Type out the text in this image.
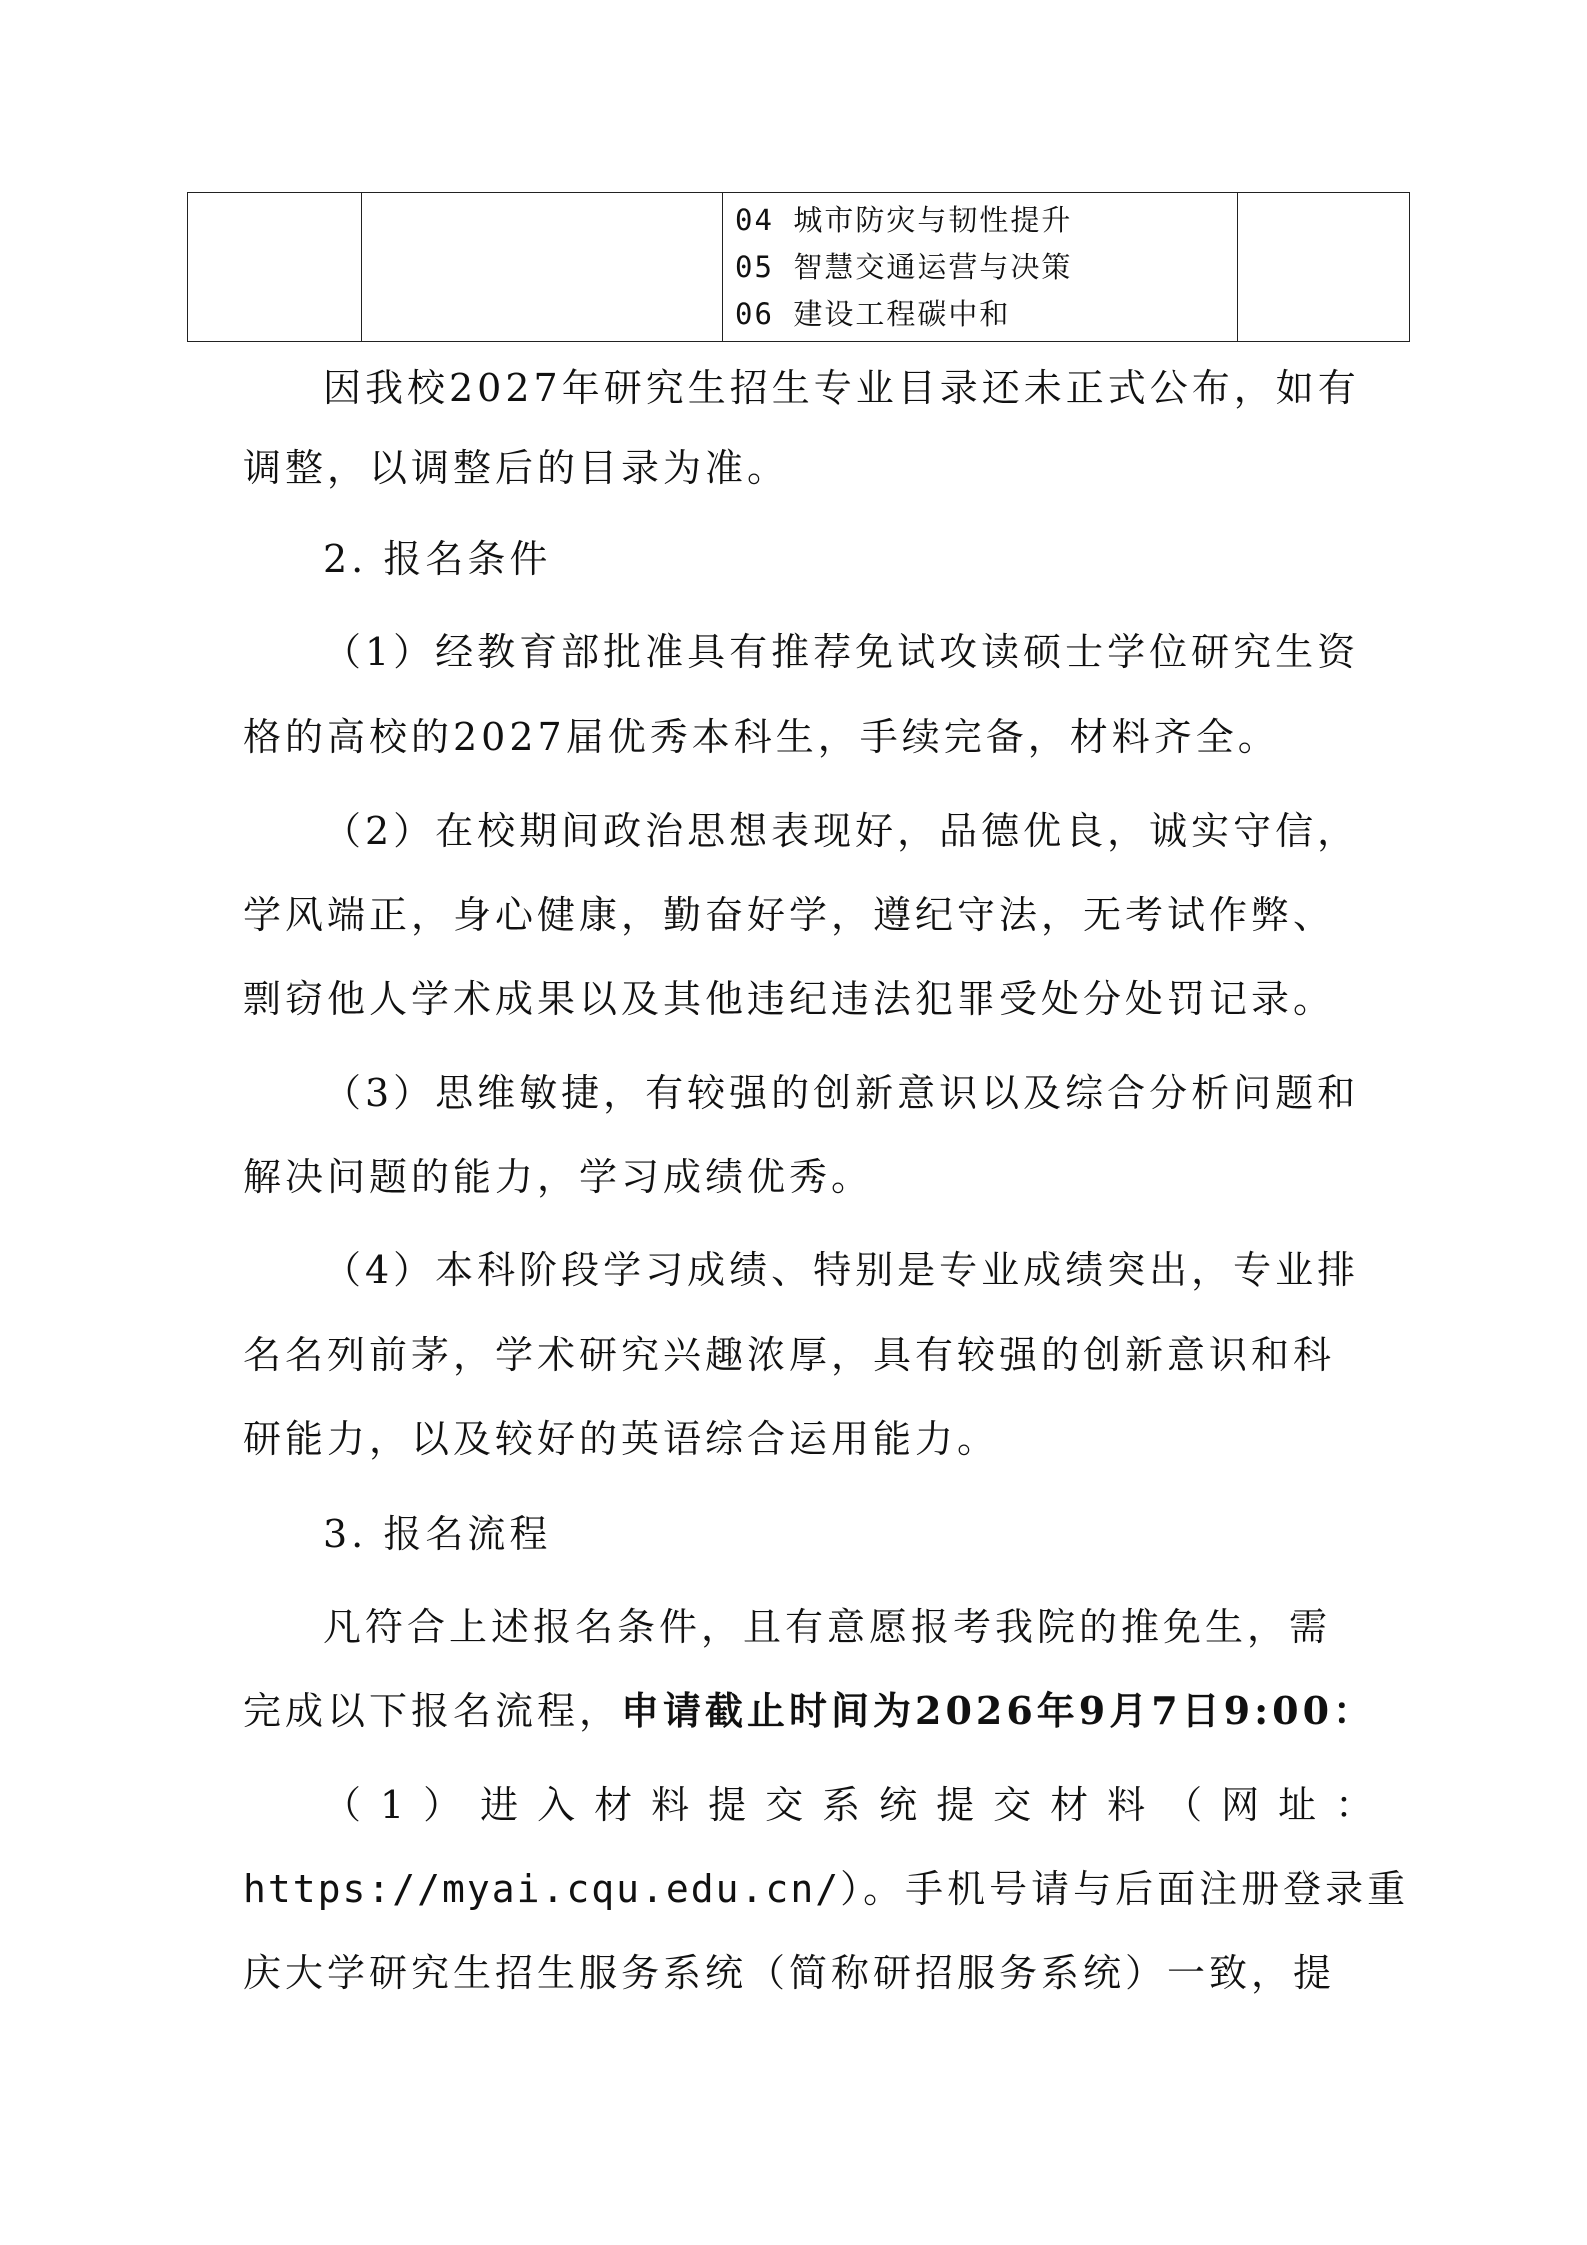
04 城市防灾与韧性提升
05 智慧交通运营与决策
06 建设工程碳中和

因我校2027年研究生招生专业目录还未正式公布，如有
调整，以调整后的目录为准。
2. 报名条件
（1）经教育部批准具有推荐免试攻读硕士学位研究生资
格的高校的2027届优秀本科生，手续完备，材料齐全。
（2）在校期间政治思想表现好，品德优良，诚实守信，
学风端正，身心健康，勤奋好学，遵纪守法，无考试作弊、
剽窃他人学术成果以及其他违纪违法犯罪受处分处罚记录。
（3）思维敏捷，有较强的创新意识以及综合分析问题和
解决问题的能力，学习成绩优秀。
（4）本科阶段学习成绩、特别是专业成绩突出，专业排
名名列前茅，学术研究兴趣浓厚，具有较强的创新意识和科
研能力，以及较好的英语综合运用能力。
3. 报名流程
凡符合上述报名条件，且有意愿报考我院的推免生，需
完成以下报名流程，申请截止时间为2026年9月7日9:00：
（1）进入材料提交系统提交材料（网址：
https://myai.cqu.edu.cn/）。手机号请与后面注册登录重
庆大学研究生招生服务系统（简称研招服务系统）一致，提
